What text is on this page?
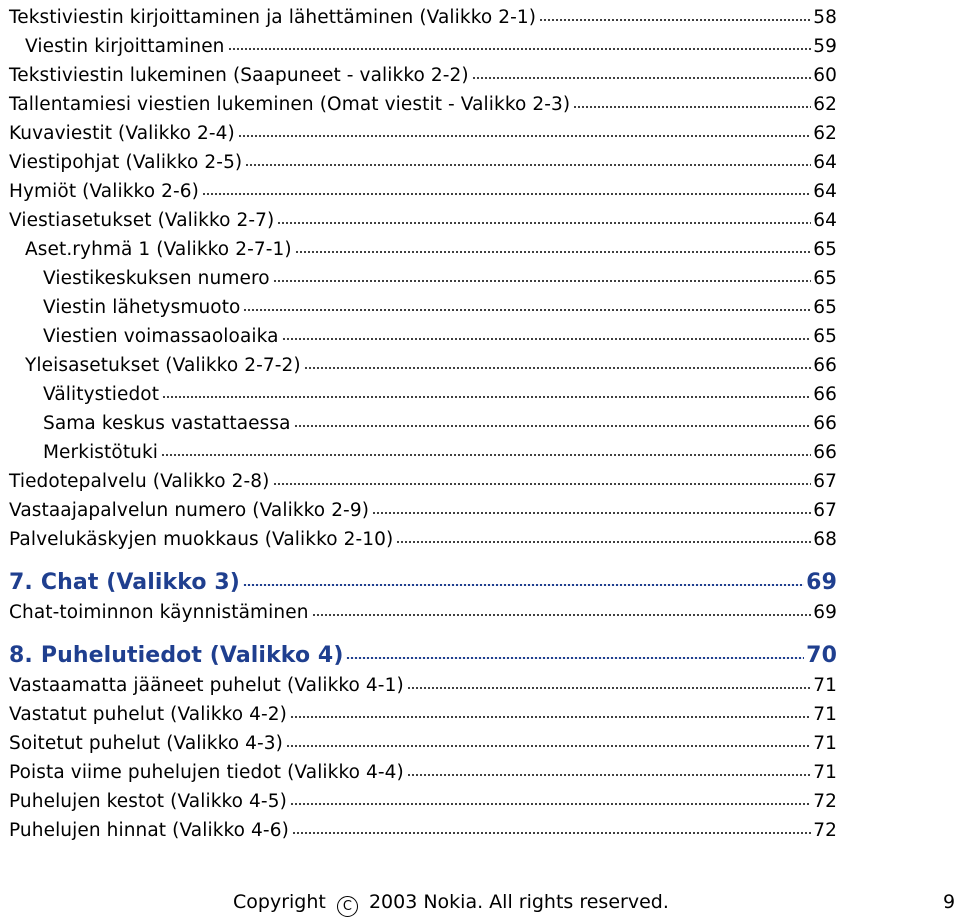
Tekstiviestin kirjoittaminen ja lähettäminen (Valikko 2-1)	58
Viestin kirjoittaminen	59
Tekstiviestin lukeminen (Saapuneet - valikko 2-2)	60
Tallentamiesi viestien lukeminen (Omat viestit - Valikko 2-3)	62
Kuvaviestit (Valikko 2-4)	62
Viestipohjat (Valikko 2-5)	64
Hymiöt (Valikko 2-6)	64
Viestiasetukset (Valikko 2-7)	64
Aset.ryhmä 1 (Valikko 2-7-1)	65
Viestikeskuksen numero	65
Viestin lähetysmuoto	65
Viestien voimassaoloaika	65
Yleisasetukset (Valikko 2-7-2)	66
Välitystiedot	66
Sama keskus vastattaessa	66
Merkistötuki	66
Tiedotepalvelu (Valikko 2-8)	67
Vastaajapalvelun numero (Valikko 2-9)	67
Palvelukäskyjen muokkaus (Valikko 2-10)	68
7. Chat (Valikko 3)	69
Chat-toiminnon käynnistäminen	69
8. Puhelutiedot (Valikko 4)	70
Vastaamatta jääneet puhelut (Valikko 4-1)	71
Vastatut puhelut (Valikko 4-2)	71
Soitetut puhelut (Valikko 4-3)	71
Poista viime puhelujen tiedot (Valikko 4-4)	71
Puhelujen kestot (Valikko 4-5)	72
Puhelujen hinnat (Valikko 4-6)	72
Copyright C 2003 Nokia. All rights reserved.	9
